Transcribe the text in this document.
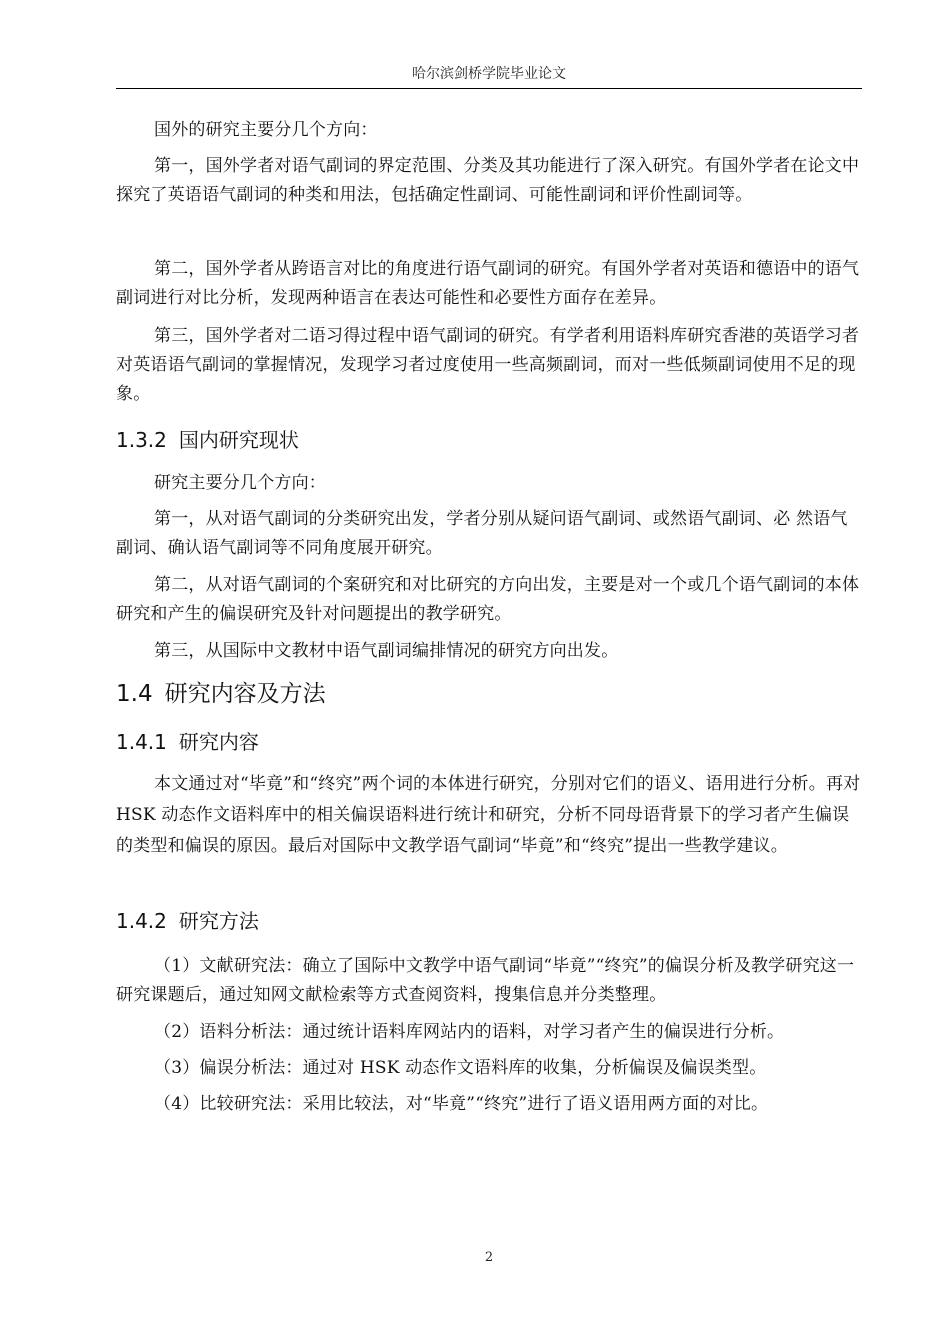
哈尔滨剑桥学院毕业论文

国外的研究主要分几个方向：

第一，国外学者对语气副词的界定范围、分类及其功能进行了深入研究。有国外学者在论文中探究了英语语气副词的种类和用法，包括确定性副词、可能性副词和评价性副词等。

第二，国外学者从跨语言对比的角度进行语气副词的研究。有国外学者对英语和德语中的语气副词进行对比分析，发现两种语言在表达可能性和必要性方面存在差异。

第三，国外学者对二语习得过程中语气副词的研究。有学者利用语料库研究香港的英语学习者对英语语气副词的掌握情况，发现学习者过度使用一些高频副词，而对一些低频副词使用不足的现象。

1.3.2 国内研究现状

研究主要分几个方向：

第一，从对语气副词的分类研究出发，学者分别从疑问语气副词、或然语气副词、必 然语气副词、确认语气副词等不同角度展开研究。

第二，从对语气副词的个案研究和对比研究的方向出发，主要是对一个或几个语气副词的本体研究和产生的偏误研究及针对问题提出的教学研究。

第三，从国际中文教材中语气副词编排情况的研究方向出发。

1.4 研究内容及方法
1.4.1 研究内容

本文通过对“毕竟”和“终究”两个词的本体进行研究，分别对它们的语义、语用进行分析。再对 HSK 动态作文语料库中的相关偏误语料进行统计和研究，分析不同母语背景下的学习者产生偏误的类型和偏误的原因。最后对国际中文教学语气副词“毕竟”和“终究”提出一些教学建议。

1.4.2 研究方法

（1）文献研究法：确立了国际中文教学中语气副词“毕竟”“终究”的偏误分析及教学研究这一研究课题后，通过知网文献检索等方式查阅资料，搜集信息并分类整理。

（2）语料分析法：通过统计语料库网站内的语料，对学习者产生的偏误进行分析。

（3）偏误分析法：通过对 HSK 动态作文语料库的收集，分析偏误及偏误类型。

（4）比较研究法：采用比较法，对“毕竟”“终究”进行了语义语用两方面的对比。

2
